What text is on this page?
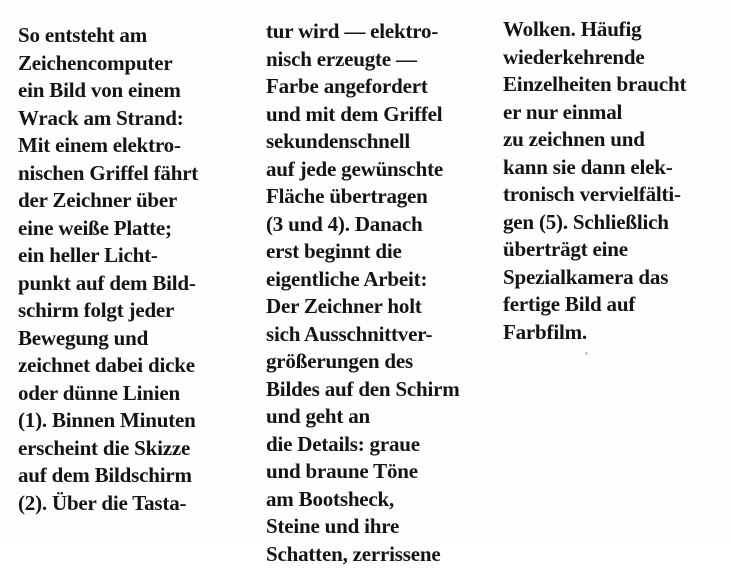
So entsteht am
Zeichencomputer
ein Bild von einem
Wrack am Strand:
Mit einem elektro-
nischen Griffel fährt
der Zeichner über
eine weiße Platte;
ein heller Licht-
punkt auf dem Bild-
schirm folgt jeder
Bewegung und
zeichnet dabei dicke
oder dünne Linien
(1). Binnen Minuten
erscheint die Skizze
auf dem Bildschirm
(2). Über die Tasta-
tur wird — elektro-
nisch erzeugte —
Farbe angefordert
und mit dem Griffel
sekundenschnell
auf jede gewünschte
Fläche übertragen
(3 und 4). Danach
erst beginnt die
eigentliche Arbeit:
Der Zeichner holt
sich Ausschnittver-
größerungen des
Bildes auf den Schirm
und geht an
die Details: graue
und braune Töne
am Bootsheck,
Steine und ihre
Schatten, zerrissene
Wolken. Häufig
wiederkehrende
Einzelheiten braucht
er nur einmal
zu zeichnen und
kann sie dann elek-
tronisch vervielfälti-
gen (5). Schließlich
überträgt eine
Spezialkamera das
fertige Bild auf
Farbfilm.
